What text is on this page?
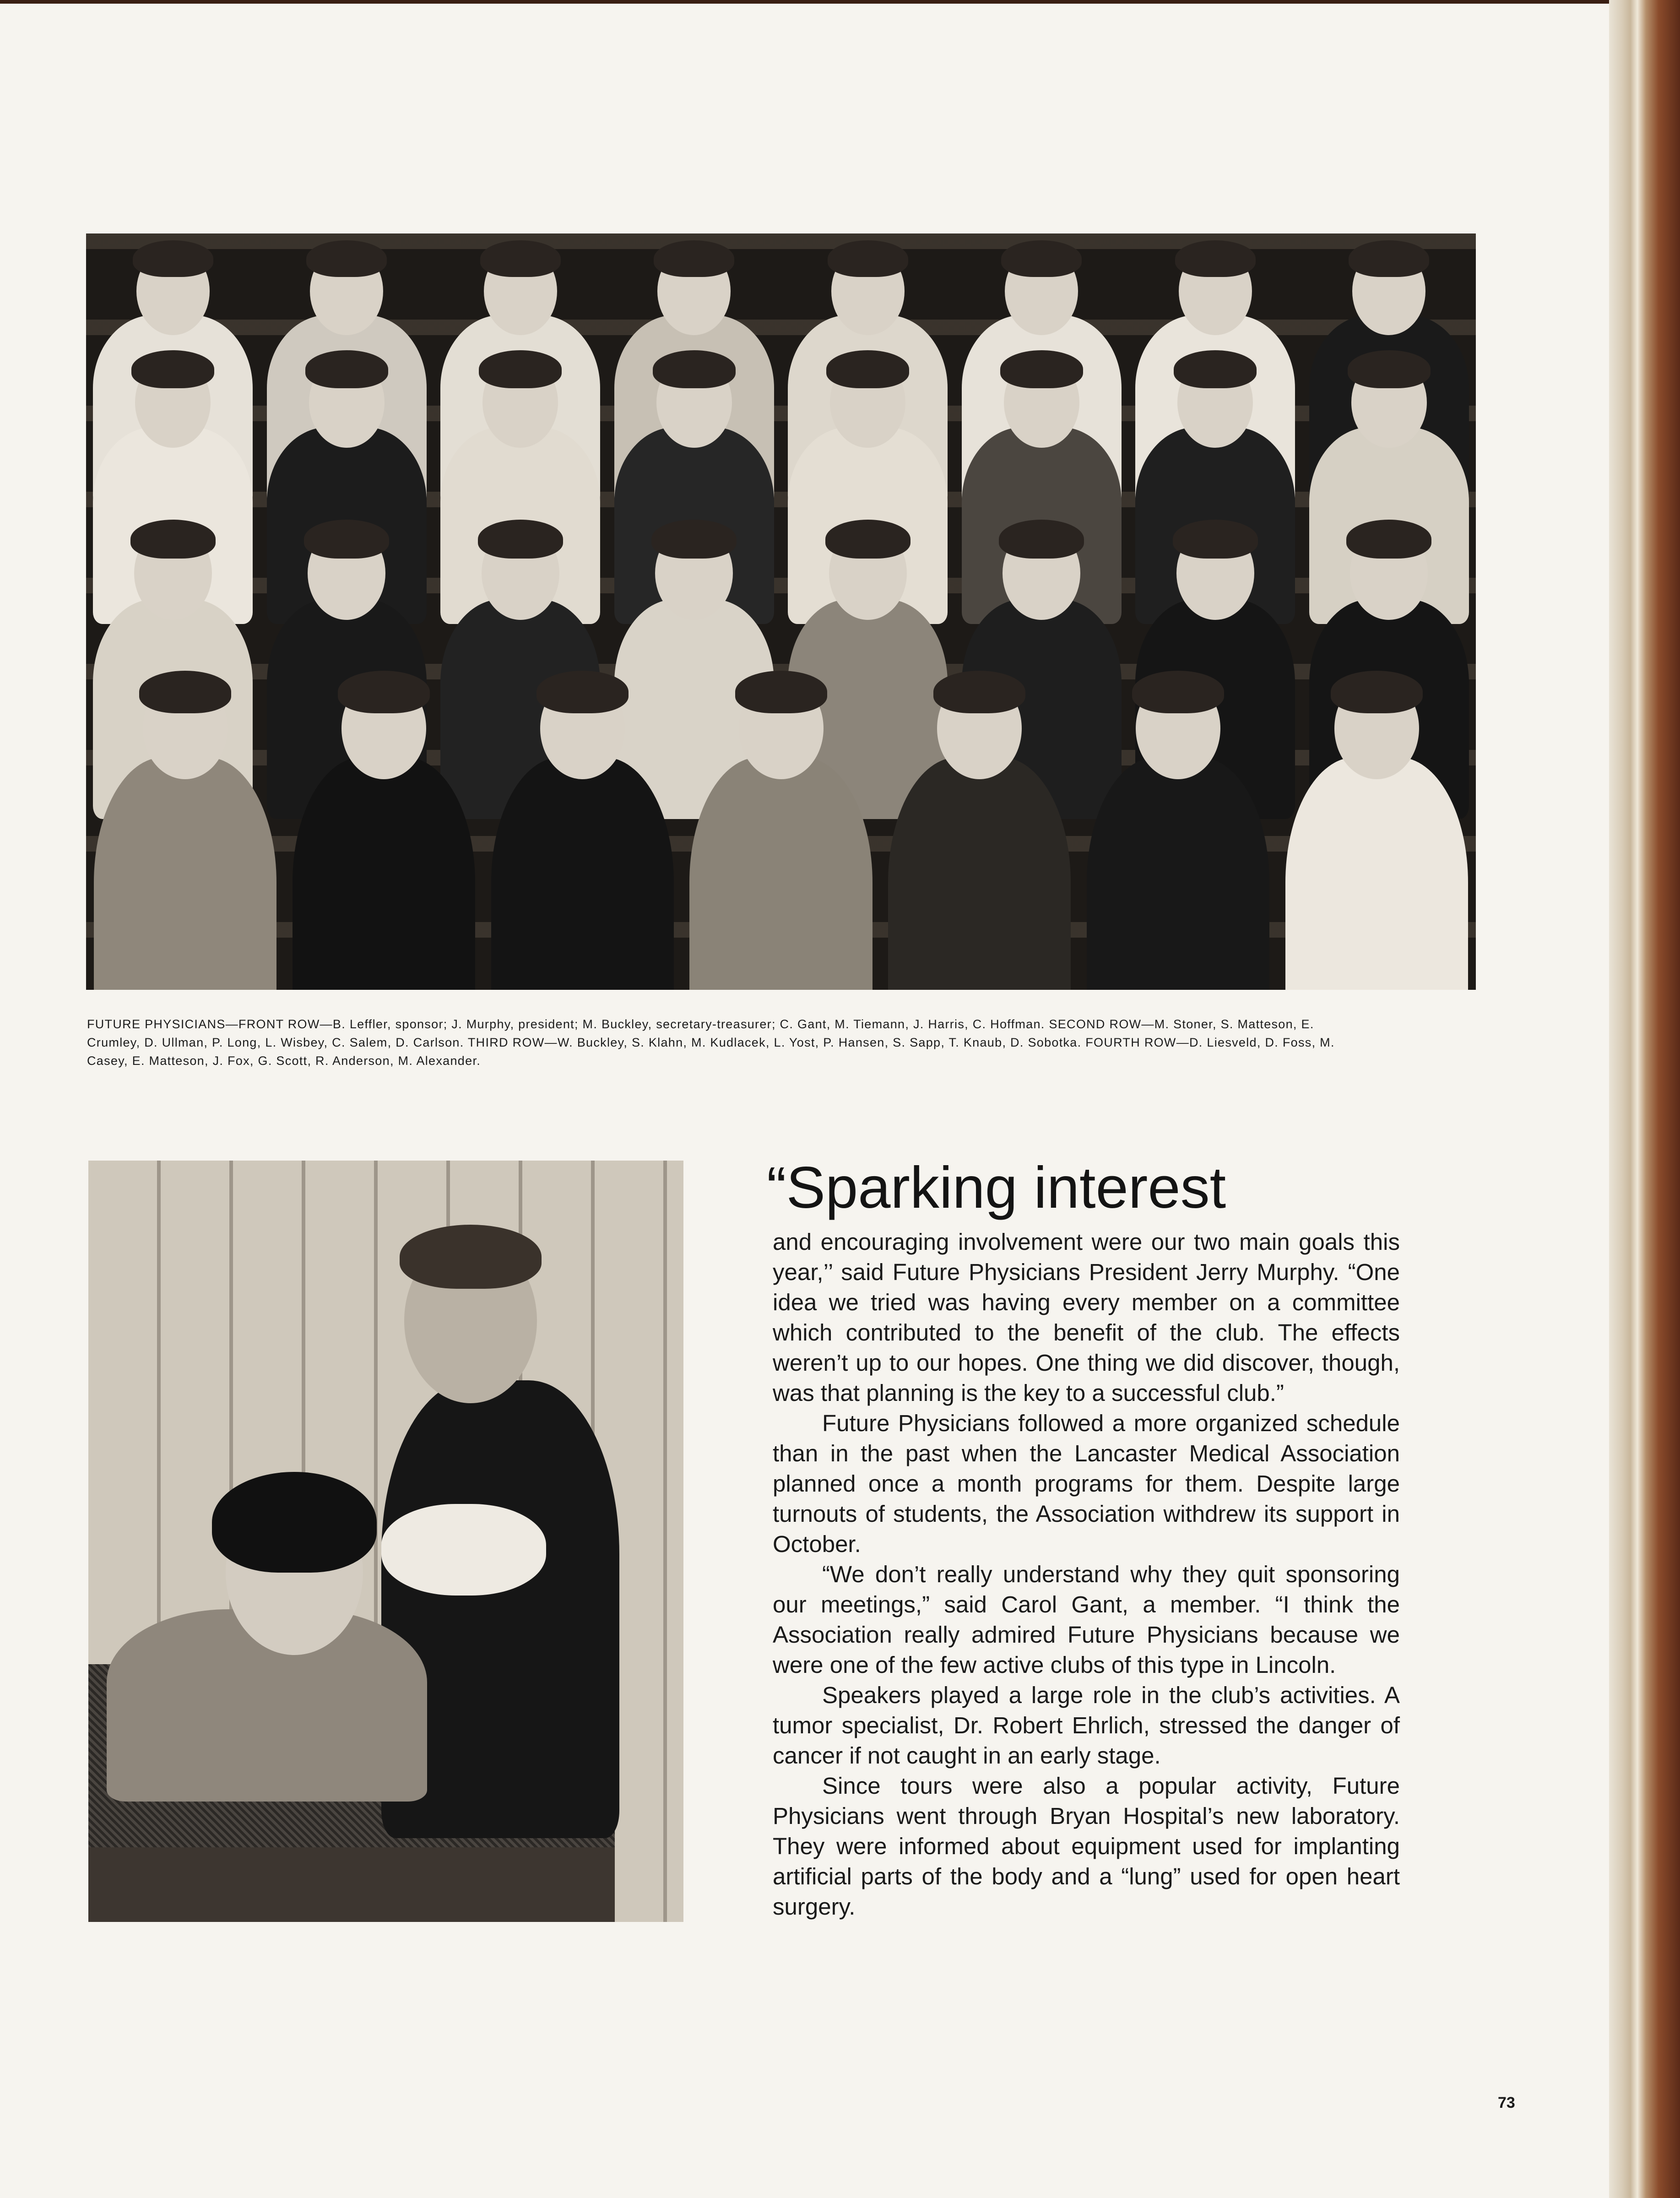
FUTURE PHYSICIANS—FRONT ROW—B. Leffler, sponsor; J. Murphy, president; M. Buckley, secretary-treasurer; C. Gant, M. Tiemann, J. Harris, C. Hoffman. SECOND ROW—M. Stoner, S. Matteson, E. Crumley, D. Ullman, P. Long, L. Wisbey, C. Salem, D. Carlson. THIRD ROW—W. Buckley, S. Klahn, M. Kudlacek, L. Yost, P. Hansen, S. Sapp, T. Knaub, D. Sobotka. FOURTH ROW—D. Liesveld, D. Foss, M. Casey, E. Matteson, J. Fox, G. Scott, R. Anderson, M. Alexander.
“Sparking interest

and encouraging involvement were our two main goals this year,’’ said Future Physicians President Jerry Murphy. “One idea we tried was having every member on a committee which contributed to the benefit of the club. The effects weren’t up to our hopes. One thing we did discover, though, was that planning is the key to a successful club.”

Future Physicians followed a more organized schedule than in the past when the Lancaster Medical Association planned once a month programs for them. Despite large turnouts of students, the Association withdrew its support in October.

“We don’t really understand why they quit sponsoring our meetings,” said Carol Gant, a member. “I think the Association really admired Future Physicians because we were one of the few active clubs of this type in Lincoln.

Speakers played a large role in the club’s activities. A tumor specialist, Dr. Robert Ehrlich, stressed the danger of cancer if not caught in an early stage.

Since tours were also a popular activity, Future Physicians went through Bryan Hospital’s new laboratory. They were informed about equipment used for implanting artificial parts of the body and a “lung” used for open heart surgery.

73
